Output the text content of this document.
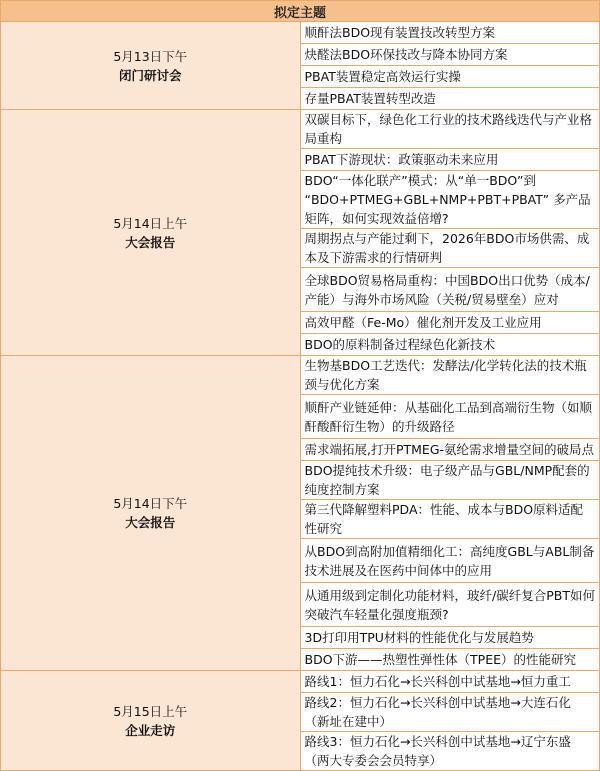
拟定主题	

5月13日下午
闭门研讨会	顺酐法BDO现有装置技改转型方案
	炔醛法BDO环保技改与降本协同方案
	PBAT装置稳定高效运行实操
	存量PBAT装置转型改造

5月14日上午
大会报告	双碳目标下，绿色化工行业的技术路线迭代与产业格局重构
	PBAT下游现状：政策驱动未来应用
	BDO“一体化联产”模式：从“单一BDO”到 “BDO+PTMEG+GBL+NMP+PBT+PBAT” 多产品矩阵，如何实现效益倍增?
	周期拐点与产能过剩下，2026年BDO市场供需、成本及下游需求的行情研判
	全球BDO贸易格局重构：中国BDO出口优势（成本/产能）与海外市场风险（关税/贸易壁垒）应对
	高效甲醛（Fe-Mo）催化剂开发及工业应用
	BDO的原料制备过程绿色化新技术

5月14日下午
大会报告	生物基BDO工艺迭代：发酵法/化学转化法的技术瓶颈与优化方案
	顺酐产业链延伸：从基础化工品到高端衍生物（如顺酐酸酐衍生物）的升级路径
	需求端拓展,打开PTMEG-氨纶需求增量空间的破局点
	BDO提纯技术升级：电子级产品与GBL/NMP配套的纯度控制方案
	第三代降解塑料PDA：性能、成本与BDO原料适配性研究
	从BDO到高附加值精细化工：高纯度GBL与ABL制备技术进展及在医药中间体中的应用
	从通用级到定制化功能材料，玻纤/碳纤复合PBT如何突破汽车轻量化强度瓶颈?
	3D打印用TPU材料的性能优化与发展趋势
	BDO下游——热塑性弹性体（TPEE）的性能研究

5月15日上午
企业走访	路线1：恒力石化→长兴科创中试基地→恒力重工
	路线2：恒力石化→长兴科创中试基地→大连石化（新址在建中）
	路线3：恒力石化→长兴科创中试基地→辽宁东盛（两大专委会会员特享）
